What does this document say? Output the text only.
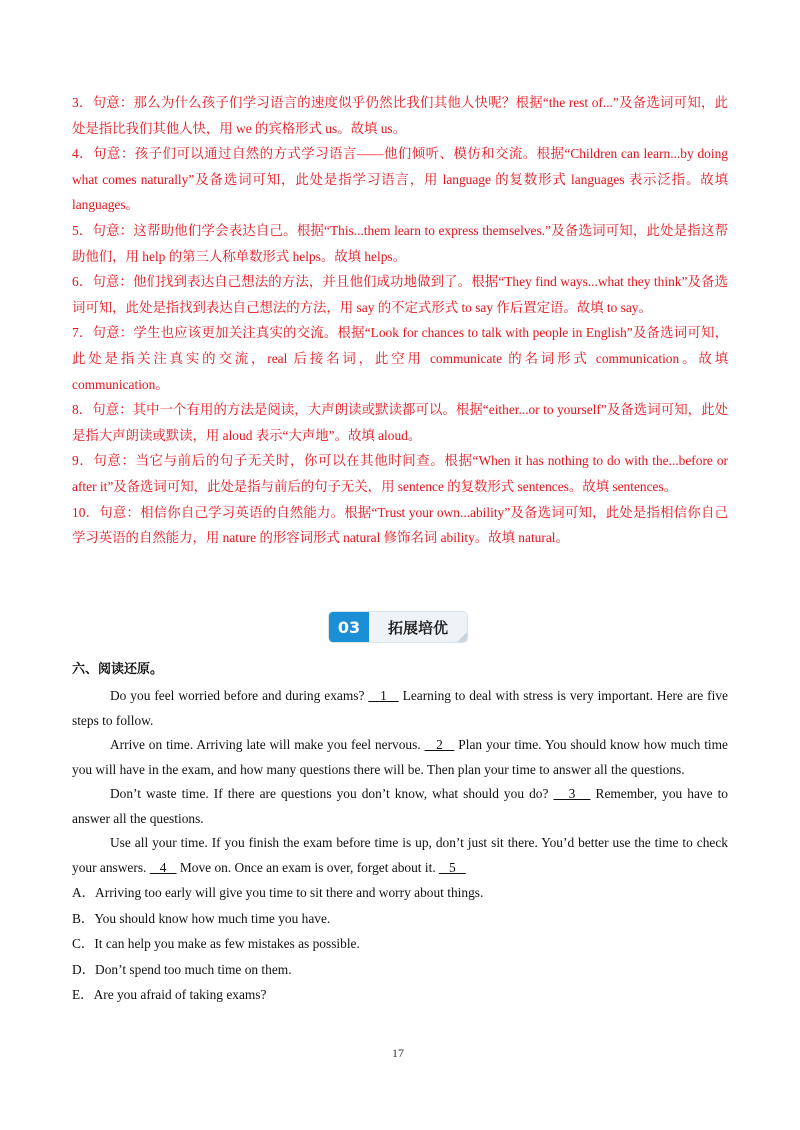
3．句意：那么为什么孩子们学习语言的速度似乎仍然比我们其他人快呢？根据“the rest of...”及备选词可知，此处是指比我们其他人快，用 we 的宾格形式 us。故填 us。

4．句意：孩子们可以通过自然的方式学习语言——他们倾听、模仿和交流。根据“Children can learn...by doing what comes naturally”及备选词可知，此处是指学习语言，用 language 的复数形式 languages 表示泛指。故填 languages。

5．句意：这帮助他们学会表达自己。根据“This...them learn to express themselves.”及备选词可知，此处是指这帮助他们，用 help 的第三人称单数形式 helps。故填 helps。

6．句意：他们找到表达自己想法的方法，并且他们成功地做到了。根据“They find ways...what they think”及备选词可知，此处是指找到表达自己想法的方法，用 say 的不定式形式 to say 作后置定语。故填 to say。

7．句意：学生也应该更加关注真实的交流。根据“Look for chances to talk with people in English”及备选词可知，此处是指关注真实的交流，real 后接名词，此空用 communicate 的名词形式 communication。故填 communication。

8．句意：其中一个有用的方法是阅读，大声朗读或默读都可以。根据“either...or to yourself”及备选词可知，此处是指大声朗读或默读，用 aloud 表示“大声地”。故填 aloud。

9．句意：当它与前后的句子无关时，你可以在其他时间查。根据“When it has nothing to do with the...before or after it”及备选词可知，此处是指与前后的句子无关，用 sentence 的复数形式 sentences。故填 sentences。

10．句意：相信你自己学习英语的自然能力。根据“Trust your own...ability”及备选词可知，此处是指相信你自己学习英语的自然能力，用 nature 的形容词形式 natural 修饰名词 ability。故填 natural。

03	拓展培优

六、阅读还原。

Do you feel worried before and during exams?    1    Learning to deal with stress is very important. Here are five steps to follow.

Arrive on time. Arriving late will make you feel nervous.    2    Plan your time. You should know how much time you will have in the exam, and how many questions there will be. Then plan your time to answer all the questions.

Don’t waste time. If there are questions you don’t know, what should you do?    3    Remember, you have to answer all the questions.

Use all your time. If you finish the exam before time is up, don’t just sit there. You’d better use the time to check your answers.    4    Move on. Once an exam is over, forget about it.    5

A．Arriving too early will give you time to sit there and worry about things.

B．You should know how much time you have.

C．It can help you make as few mistakes as possible.

D．Don’t spend too much time on them.

E．Are you afraid of taking exams?

17
